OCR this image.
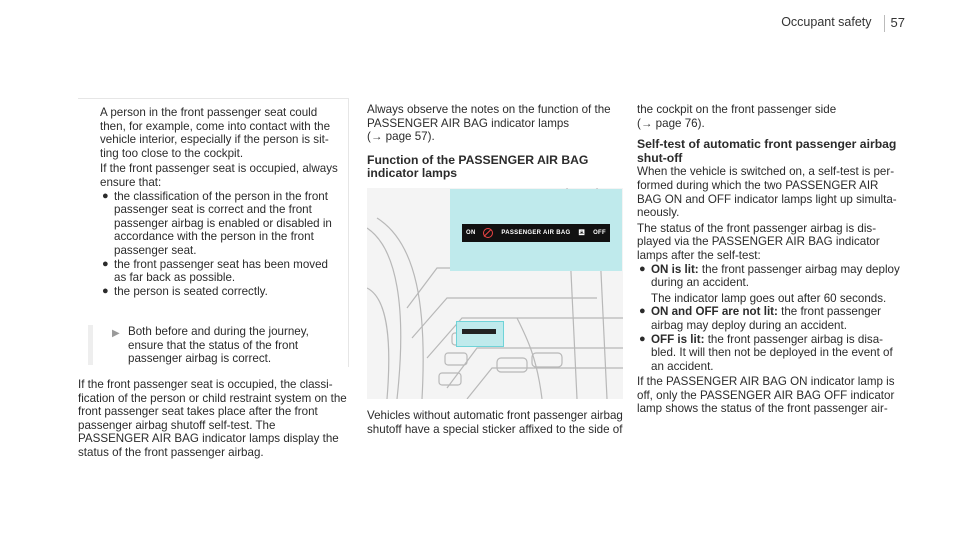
Occupant safety 57

A person in the front passenger seat could then, for example, come into contact with the vehicle interior, especially if the person is sit-ting too close to the cockpit.

If the front passenger seat is occupied, always ensure that:

● the classification of the person in the front passenger seat is correct and the front passenger airbag is enabled or disabled in accordance with the person in the front passenger seat.
● the front passenger seat has been moved as far back as possible.
● the person is seated correctly.
▶ Both before and during the journey, ensure that the status of the front passenger airbag is correct.

If the front passenger seat is occupied, the classi-fication of the person or child restraint system on the front passenger seat takes place after the front passenger airbag shutoff self-test. The PASSENGER AIR BAG indicator lamps display the status of the front passenger airbag.

Always observe the notes on the function of the PASSENGER AIR BAG indicator lamps

(→ page 57).

Function of the PASSENGER AIR BAG indicator lamps
ON	PASSENGER AIR BAG ⛾ OFF

Vehicles without automatic front passenger airbag shutoff have a special sticker affixed to the side of

the cockpit on the front passenger side

(→ page 76).

Self-test of automatic front passenger airbag shut-off

When the vehicle is switched on, a self-test is per-formed during which the two PASSENGER AIR BAG ON and OFF indicator lamps light up simulta-neously.

The status of the front passenger airbag is dis-played via the PASSENGER AIR BAG indicator lamps after the self-test:

● ON is lit: the front passenger airbag may deploy during an accident.
The indicator lamp goes out after 60 seconds.
● ON and OFF are not lit: the front passenger airbag may deploy during an accident.
● OFF is lit: the front passenger airbag is disa-bled. It will then not be deployed in the event of an accident.

If the PASSENGER AIR BAG ON indicator lamp is off, only the PASSENGER AIR BAG OFF indicator lamp shows the status of the front passenger air-
